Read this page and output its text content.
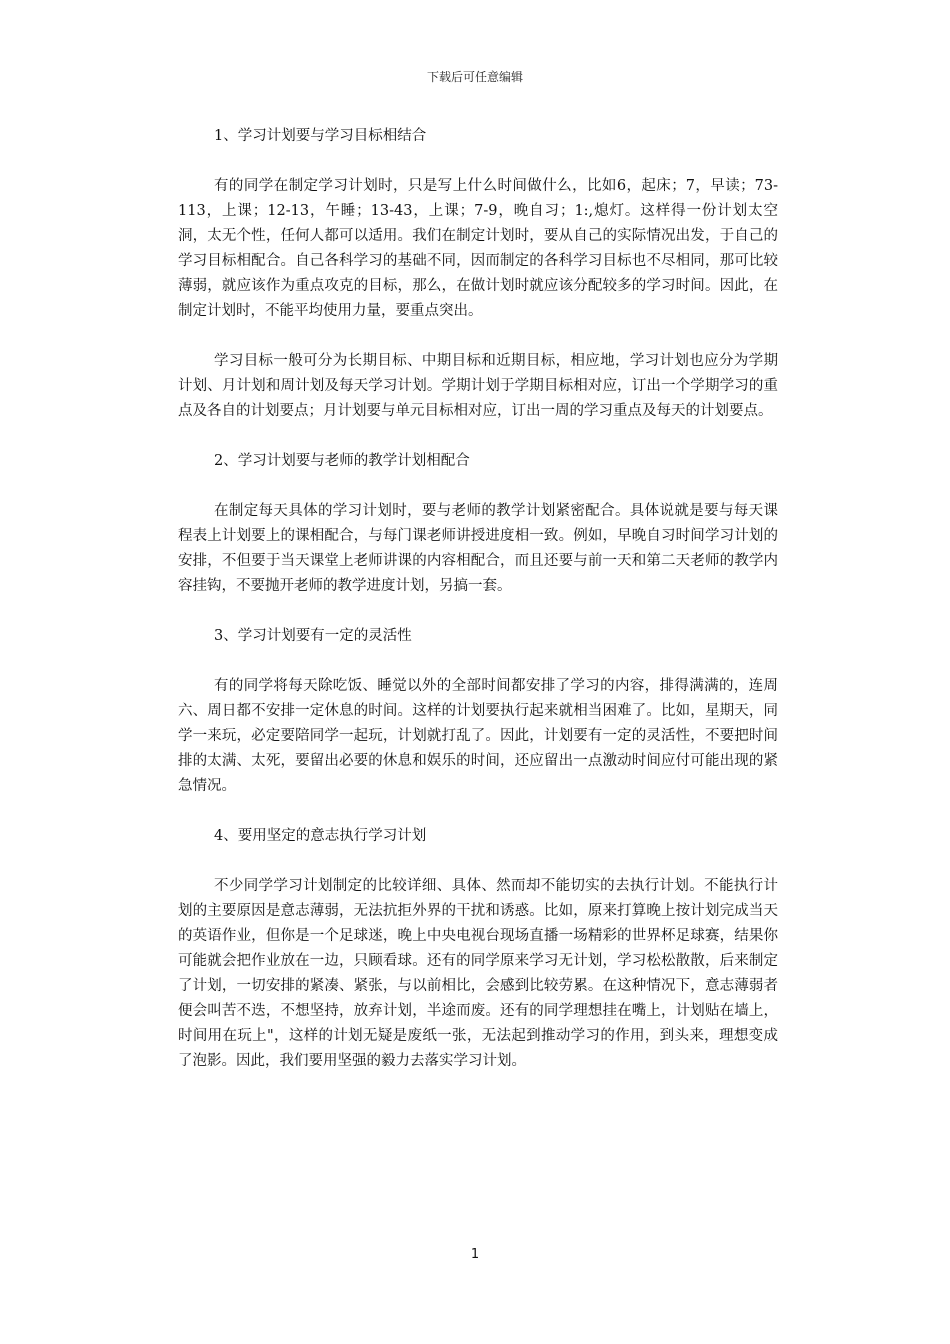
下载后可任意编辑

1、学习计划要与学习目标相结合

有的同学在制定学习计划时，只是写上什么时间做什么，比如6，起床；7，早读；73-113，上课；12-13，午睡；13-43，上课；7-9，晚自习；1:,熄灯。这样得一份计划太空洞，太无个性，任何人都可以适用。我们在制定计划时，要从自己的实际情况出发，于自己的学习目标相配合。自己各科学习的基础不同，因而制定的各科学习目标也不尽相同，那可比较薄弱，就应该作为重点攻克的目标，那么，在做计划时就应该分配较多的学习时间。因此，在制定计划时，不能平均使用力量，要重点突出。

学习目标一般可分为长期目标、中期目标和近期目标，相应地，学习计划也应分为学期计划、月计划和周计划及每天学习计划。学期计划于学期目标相对应，订出一个学期学习的重点及各自的计划要点；月计划要与单元目标相对应，订出一周的学习重点及每天的计划要点。

2、学习计划要与老师的教学计划相配合

在制定每天具体的学习计划时，要与老师的教学计划紧密配合。具体说就是要与每天课程表上计划要上的课相配合，与每门课老师讲授进度相一致。例如，早晚自习时间学习计划的安排，不但要于当天课堂上老师讲课的内容相配合，而且还要与前一天和第二天老师的教学内容挂钩，不要抛开老师的教学进度计划，另搞一套。

3、学习计划要有一定的灵活性

有的同学将每天除吃饭、睡觉以外的全部时间都安排了学习的内容，排得满满的，连周六、周日都不安排一定休息的时间。这样的计划要执行起来就相当困难了。比如，星期天，同学一来玩，必定要陪同学一起玩，计划就打乱了。因此，计划要有一定的灵活性，不要把时间排的太满、太死，要留出必要的休息和娱乐的时间，还应留出一点激动时间应付可能出现的紧急情况。

4、要用坚定的意志执行学习计划

不少同学学习计划制定的比较详细、具体、然而却不能切实的去执行计划。不能执行计划的主要原因是意志薄弱，无法抗拒外界的干扰和诱惑。比如，原来打算晚上按计划完成当天的英语作业，但你是一个足球迷，晚上中央电视台现场直播一场精彩的世界杯足球赛，结果你可能就会把作业放在一边，只顾看球。还有的同学原来学习无计划，学习松松散散，后来制定了计划，一切安排的紧凑、紧张，与以前相比，会感到比较劳累。在这种情况下，意志薄弱者便会叫苦不迭，不想坚持，放弃计划，半途而废。还有的同学理想挂在嘴上，计划贴在墙上，时间用在玩上"，这样的计划无疑是废纸一张，无法起到推动学习的作用，到头来，理想变成了泡影。因此，我们要用坚强的毅力去落实学习计划。

1
